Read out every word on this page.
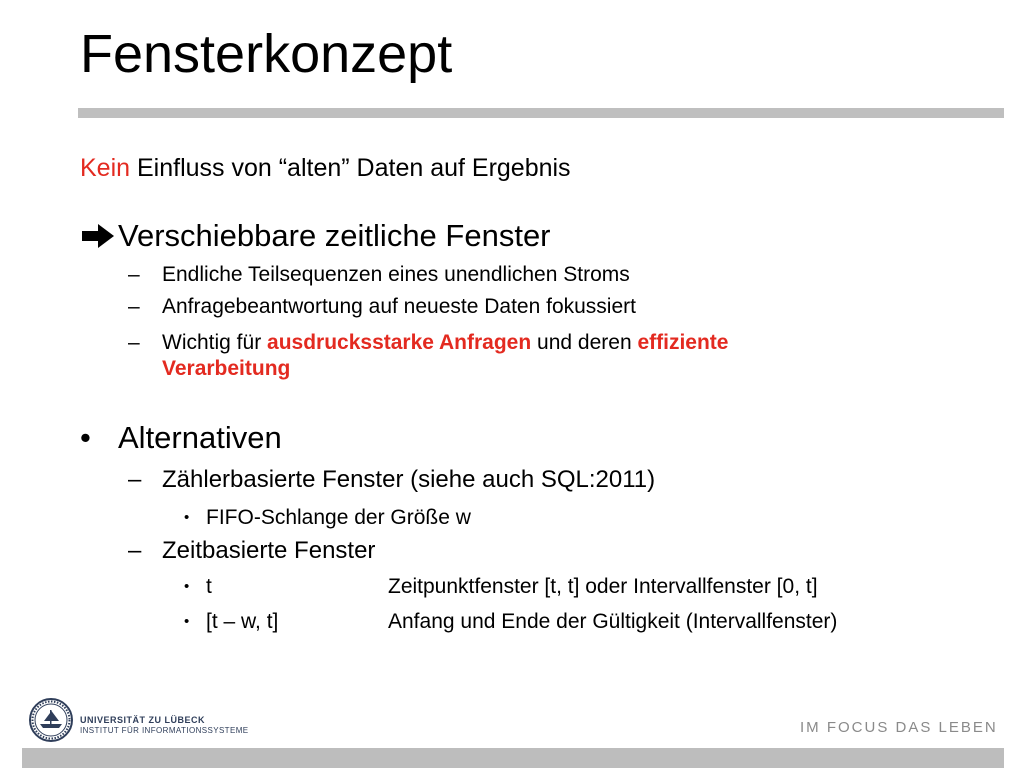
Fensterkonzept
Kein Einfluss von “alten” Daten auf Ergebnis
Verschiebbare zeitliche Fenster
– Endliche Teilsequenzen eines unendlichen Stroms
– Anfragebeantwortung auf neueste Daten fokussiert
– Wichtig für ausdrucksstarke Anfragen und deren effiziente
Verarbeitung
• Alternativen
– Zählerbasierte Fenster (siehe auch SQL:2011)
• FIFO-Schlange der Größe w
– Zeitbasierte Fenster
• t	Zeitpunktfenster [t, t] oder Intervallfenster [0, t]
• [t – w, t]	Anfang und Ende der Gültigkeit (Intervallfenster)
UNIVERSITÄT ZU LÜBECK
INSTITUT FÜR INFORMATIONSSYSTEME	IM FOCUS DAS LEBEN
